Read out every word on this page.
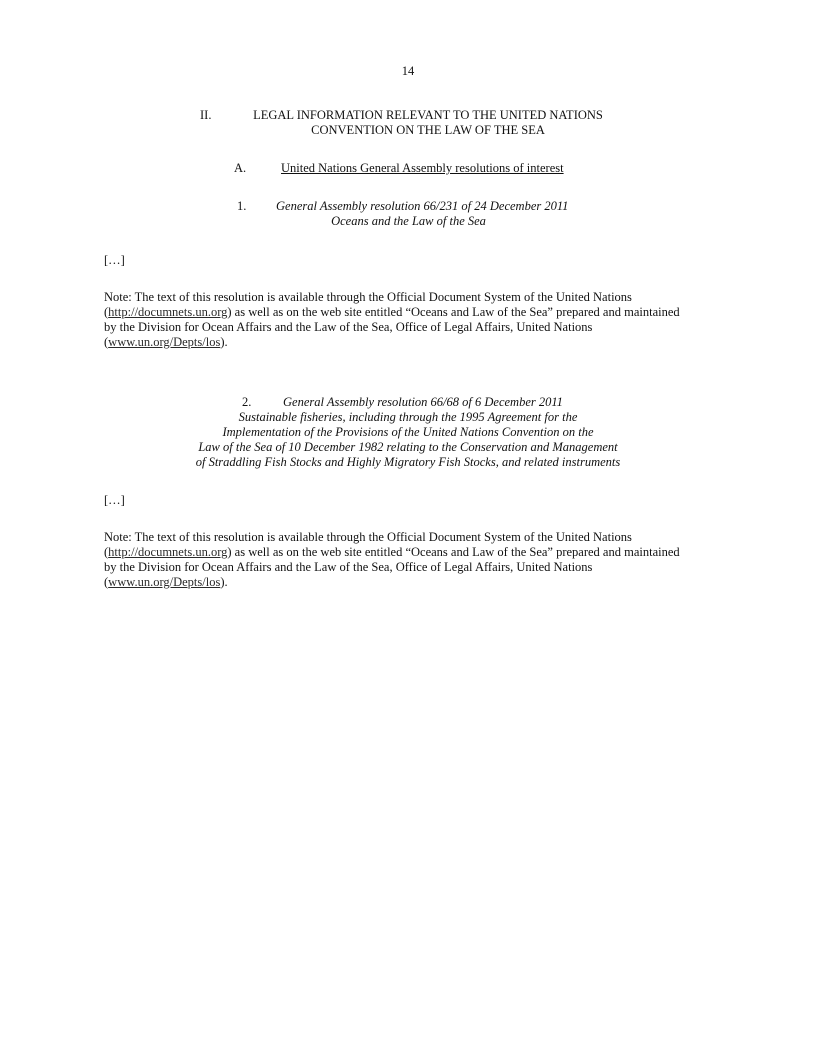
14
II.	LEGAL INFORMATION RELEVANT TO THE UNITED NATIONS
CONVENTION ON THE LAW OF THE SEA
A.	United Nations General Assembly resolutions of interest
1. General Assembly resolution 66/231 of 24 December 2011
Oceans and the Law of the Sea
[…]
Note: The text of this resolution is available through the Official Document System of the United Nations
(http://documnets.un.org) as well as on the web site entitled “Oceans and Law of the Sea” prepared and maintained
by the Division for Ocean Affairs and the Law of the Sea, Office of Legal Affairs, United Nations
(www.un.org/Depts/los).
2.	General Assembly resolution 66/68 of 6 December 2011
Sustainable fisheries, including through the 1995 Agreement for the
Implementation of the Provisions of the United Nations Convention on the
Law of the Sea of 10 December 1982 relating to the Conservation and Management
of Straddling Fish Stocks and Highly Migratory Fish Stocks, and related instruments
[…]
Note: The text of this resolution is available through the Official Document System of the United Nations
(http://documnets.un.org) as well as on the web site entitled “Oceans and Law of the Sea” prepared and maintained
by the Division for Ocean Affairs and the Law of the Sea, Office of Legal Affairs, United Nations
(www.un.org/Depts/los).
